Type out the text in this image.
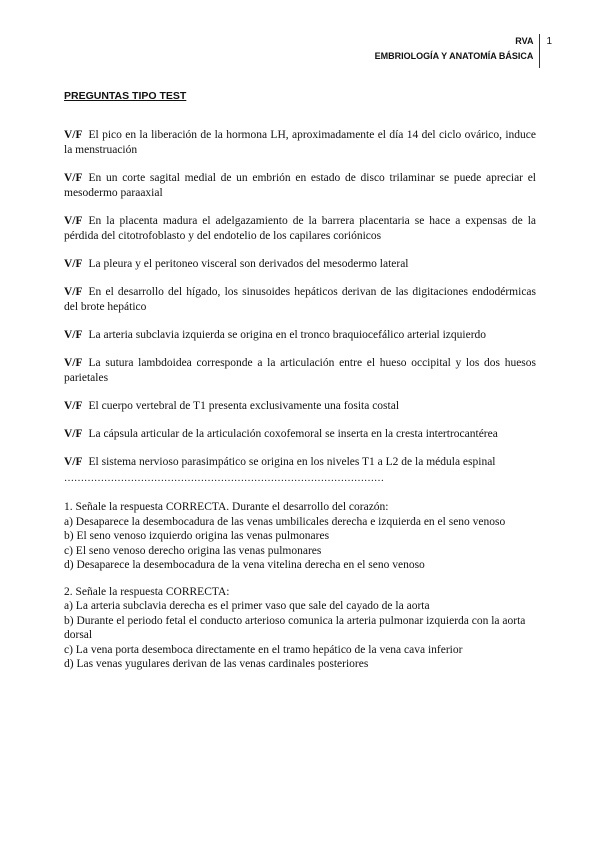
RVA
EMBRIOLOGÍA Y ANATOMÍA BÁSICA
1
PREGUNTAS TIPO TEST
V/F El pico en la liberación de la hormona LH, aproximadamente el día 14 del ciclo ovárico, induce la menstruación
V/F En un corte sagital medial de un embrión en estado de disco trilaminar se puede apreciar el mesodermo paraaxial
V/F En la placenta madura el adelgazamiento de la barrera placentaria se hace a expensas de la pérdida del citotrofoblasto y del endotelio de los capilares coriónicos
V/F La pleura y el peritoneo visceral son derivados del mesodermo lateral
V/F En el desarrollo del hígado, los sinusoides hepáticos derivan de las digitaciones endodérmicas del brote hepático
V/F La arteria subclavia izquierda se origina en el tronco braquiocefálico arterial izquierdo
V/F La sutura lambdoidea corresponde a la articulación entre el hueso occipital y los dos huesos parietales
V/F El cuerpo vertebral de T1 presenta exclusivamente una fosita costal
V/F La cápsula articular de la articulación coxofemoral se inserta en la cresta intertrocantérea
V/F El sistema nervioso parasimpático se origina en los niveles T1 a L2 de la médula espinal
……………………………………………………………………………………
1. Señale la respuesta CORRECTA. Durante el desarrollo del corazón:
a) Desaparece la desembocadura de las venas umbilicales derecha e izquierda en el seno venoso
b) El seno venoso izquierdo origina las venas pulmonares
c) El seno venoso derecho origina las venas pulmonares
d) Desaparece la desembocadura de la vena vitelina derecha en el seno venoso
2. Señale la respuesta CORRECTA:
a) La arteria subclavia derecha es el primer vaso que sale del cayado de la aorta
b) Durante el periodo fetal el conducto arterioso comunica la arteria pulmonar izquierda con la aorta dorsal
c) La vena porta desemboca directamente en el tramo hepático de la vena cava inferior
d) Las venas yugulares derivan de las venas cardinales posteriores
